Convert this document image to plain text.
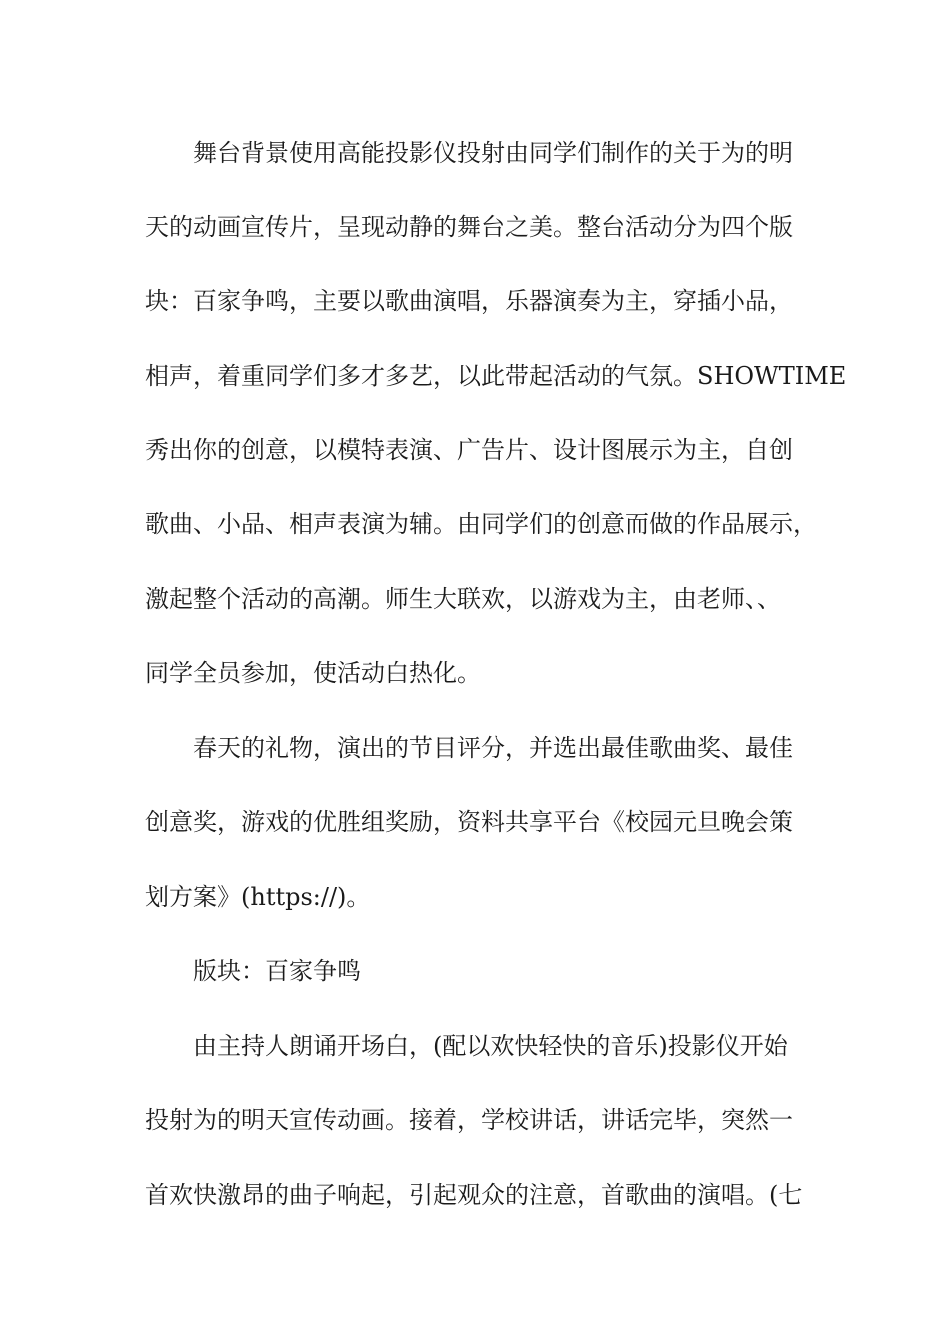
舞台背景使用高能投影仪投射由同学们制作的关于为的明
天的动画宣传片，呈现动静的舞台之美。整台活动分为四个版
块：百家争鸣，主要以歌曲演唱，乐器演奏为主，穿插小品，
相声，着重同学们多才多艺，以此带起活动的气氛。SHOWTIME
秀出你的创意，以模特表演、广告片、设计图展示为主，自创
歌曲、小品、相声表演为辅。由同学们的创意而做的作品展示，
激起整个活动的高潮。师生大联欢，以游戏为主，由老师、、
同学全员参加，使活动白热化。
春天的礼物，演出的节目评分，并选出最佳歌曲奖、最佳
创意奖，游戏的优胜组奖励，资料共享平台《校园元旦晚会策
划方案》(https://)。
版块：百家争鸣
由主持人朗诵开场白，(配以欢快轻快的音乐)投影仪开始
投射为的明天宣传动画。接着，学校讲话，讲话完毕，突然一
首欢快激昂的曲子响起，引起观众的注意，首歌曲的演唱。(七
